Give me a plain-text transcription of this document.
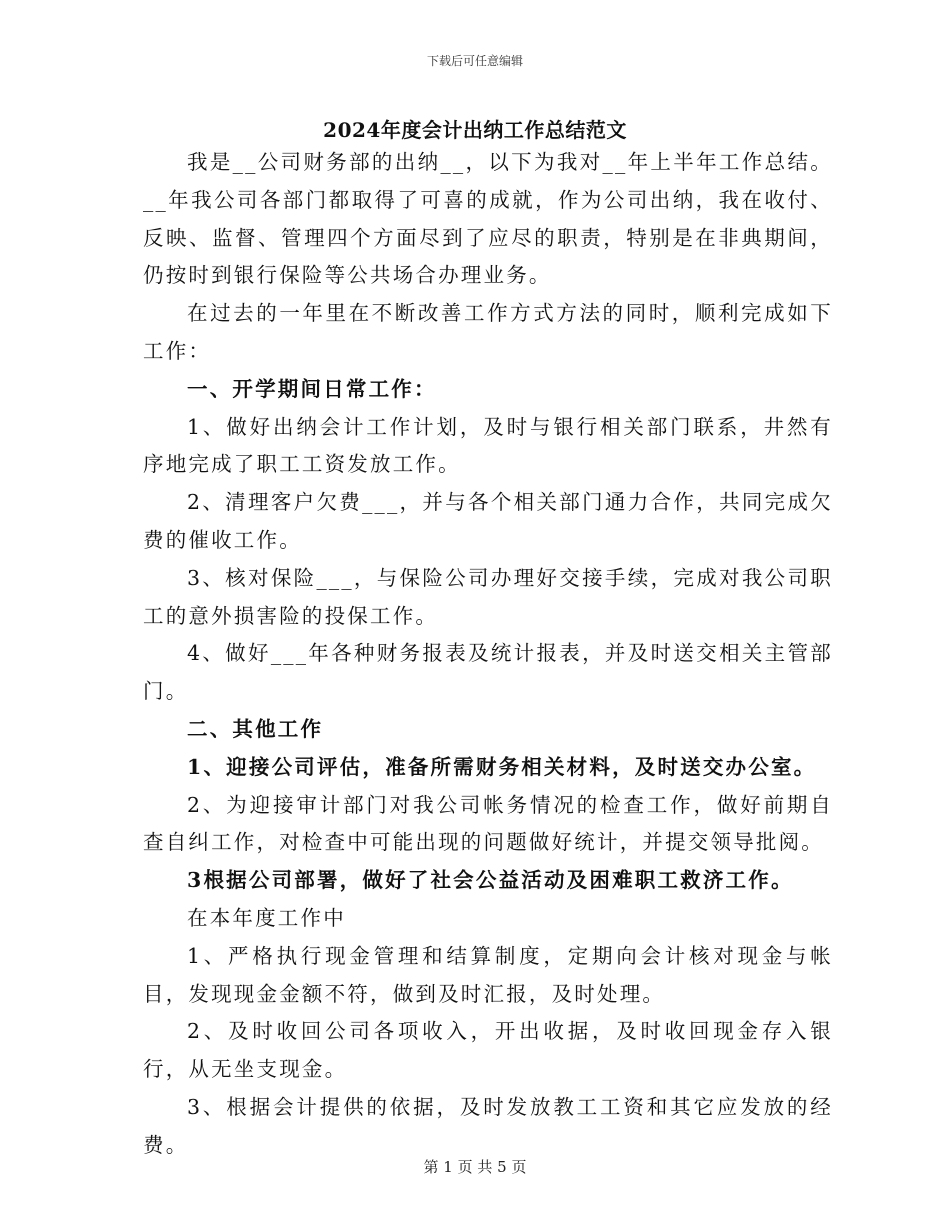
下载后可任意编辑
2024年度会计出纳工作总结范文

我是__公司财务部的出纳__，以下为我对__年上半年工作总结。__年我公司各部门都取得了可喜的成就，作为公司出纳，我在收付、反映、监督、管理四个方面尽到了应尽的职责，特别是在非典期间，仍按时到银行保险等公共场合办理业务。

在过去的一年里在不断改善工作方式方法的同时，顺利完成如下工作：

一、开学期间日常工作：

1、做好出纳会计工作计划，及时与银行相关部门联系，井然有序地完成了职工工资发放工作。

2、清理客户欠费___，并与各个相关部门通力合作，共同完成欠费的催收工作。

3、核对保险___，与保险公司办理好交接手续，完成对我公司职工的意外损害险的投保工作。

4、做好___年各种财务报表及统计报表，并及时送交相关主管部门。

二、其他工作

1、迎接公司评估，准备所需财务相关材料，及时送交办公室。

2、为迎接审计部门对我公司帐务情况的检查工作，做好前期自查自纠工作，对检查中可能出现的问题做好统计，并提交领导批阅。

3根据公司部署，做好了社会公益活动及困难职工救济工作。

在本年度工作中

1、严格执行现金管理和结算制度，定期向会计核对现金与帐目，发现现金金额不符，做到及时汇报，及时处理。

2、及时收回公司各项收入，开出收据，及时收回现金存入银行，从无坐支现金。

3、根据会计提供的依据，及时发放教工工资和其它应发放的经费。

第 1 页 共 5 页
